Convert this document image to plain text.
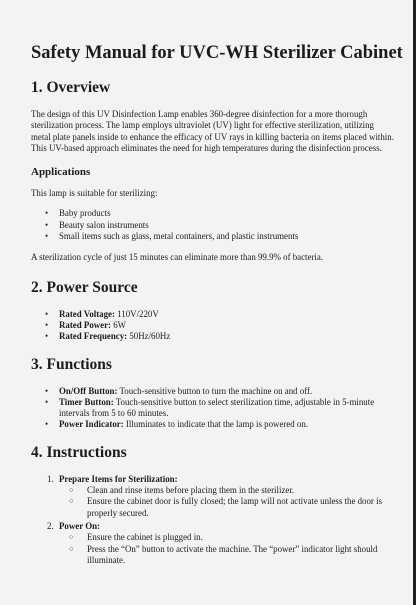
Safety Manual for UVC-WH Sterilizer Cabinet
1. Overview

The design of this UV Disinfection Lamp enables 360-degree disinfection for a more thorough sterilization process. The lamp employs ultraviolet (UV) light for effective sterilization, utilizing metal plate panels inside to enhance the efficacy of UV rays in killing bacteria on items placed within. This UV-based approach eliminates the need for high temperatures during the disinfection process.

Applications

This lamp is suitable for sterilizing:

• Baby products
• Beauty salon instruments
• Small items such as glass, metal containers, and plastic instruments

A sterilization cycle of just 15 minutes can eliminate more than 99.9% of bacteria.

2. Power Source
• Rated Voltage: 110V/220V
• Rated Power: 6W
• Rated Frequency: 50Hz/60Hz
3. Functions
• On/Off Button: Touch-sensitive button to turn the machine on and off.
• Timer Button: Touch-sensitive button to select sterilization time, adjustable in 5-minute intervals from 5 to 60 minutes.
• Power Indicator: Illuminates to indicate that the lamp is powered on.
4. Instructions
1. Prepare Items for Sterilization:
○ Clean and rinse items before placing them in the sterilizer.
○ Ensure the cabinet door is fully closed; the lamp will not activate unless the door is properly secured.
2. Power On:
○ Ensure the cabinet is plugged in.
○ Press the “On” button to activate the machine. The “power” indicator light should illuminate.
